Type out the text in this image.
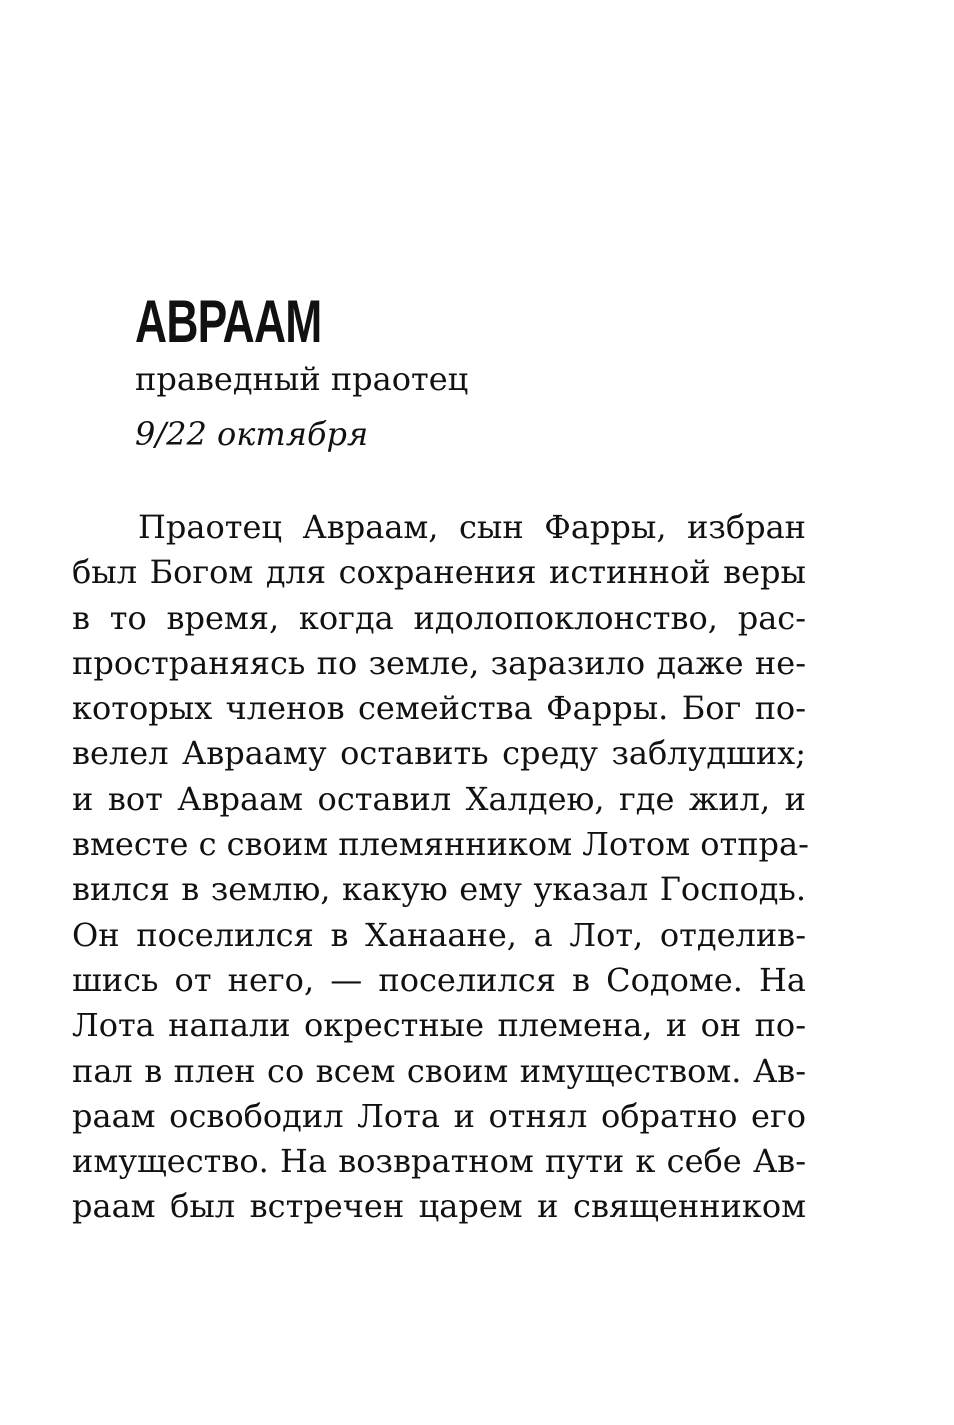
АВРААМ
праведный праотец
9/22 октября
Праотец Авраам, сын Фарры, избран
был Богом для сохранения истинной веры
в то время, когда идолопоклонство, рас-
пространяясь по земле, заразило даже не-
которых членов семейства Фарры. Бог по-
велел Аврааму оставить среду заблудших;
и вот Авраам оставил Халдею, где жил, и
вместе с своим племянником Лотом отпра-
вился в землю, какую ему указал Господь.
Он поселился в Ханаане, а Лот, отделив-
шись от него, — поселился в Содоме. На
Лота напали окрестные племена, и он по-
пал в плен со всем своим имуществом. Ав-
раам освободил Лота и отнял обратно его
имущество. На возвратном пути к себе Ав-
раам был встречен царем и священником
